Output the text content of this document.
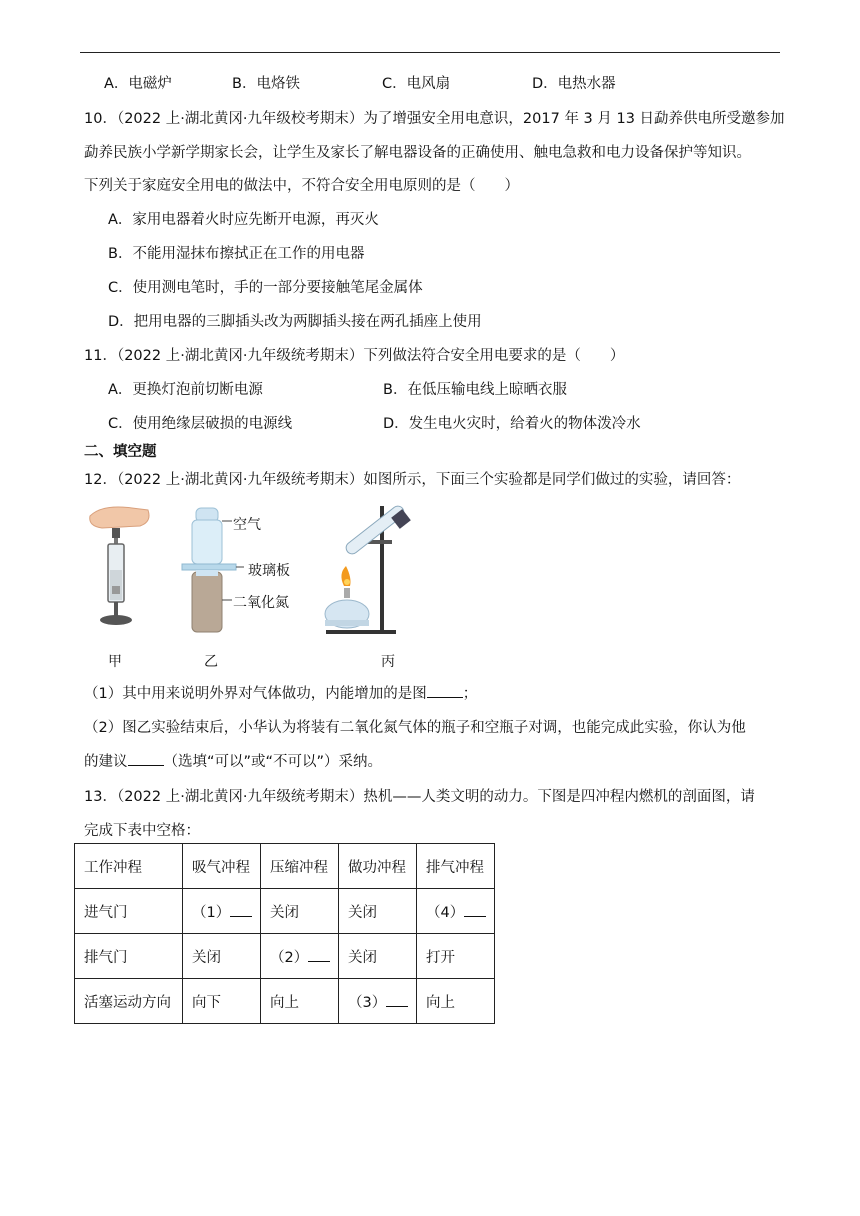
A．电磁炉	B．电烙铁	C．电风扇	D．电热水器
10．（2022 上·湖北黄冈·九年级校考期末）为了增强安全用电意识，2017 年 3 月 13 日勐养供电所受邀参加
勐养民族小学新学期家长会，让学生及家长了解电器设备的正确使用、触电急救和电力设备保护等知识。
下列关于家庭安全用电的做法中，不符合安全用电原则的是（　　）
A．家用电器着火时应先断开电源，再灭火
B．不能用湿抹布擦拭正在工作的用电器
C．使用测电笔时，手的一部分要接触笔尾金属体
D．把用电器的三脚插头改为两脚插头接在两孔插座上使用
11．（2022 上·湖北黄冈·九年级统考期末）下列做法符合安全用电要求的是（　　）
A．更换灯泡前切断电源	B．在低压输电线上晾晒衣服
C．使用绝缘层破损的电源线	D．发生电火灾时，给着火的物体泼冷水
二、填空题
12．（2022 上·湖北黄冈·九年级统考期末）如图所示，下面三个实验都是同学们做过的实验，请回答：
空气
玻璃板
二氧化氮
甲	乙	丙
（1）其中用来说明外界对气体做功，内能增加的是图 ；
（2）图乙实验结束后，小华认为将装有二氧化氮气体的瓶子和空瓶子对调，也能完成此实验，你认为他
的建议 （选填“可以”或“不可以”）采纳。
13．（2022 上·湖北黄冈·九年级统考期末）热机——人类文明的动力。下图是四冲程内燃机的剖面图，请
完成下表中空格：
工作冲程	吸气冲程	压缩冲程	做功冲程	排气冲程
进气门	（1）	关闭	关闭	（4）
排气门	关闭	（2）	关闭	打开
活塞运动方向	向下	向上	（3）	向上
